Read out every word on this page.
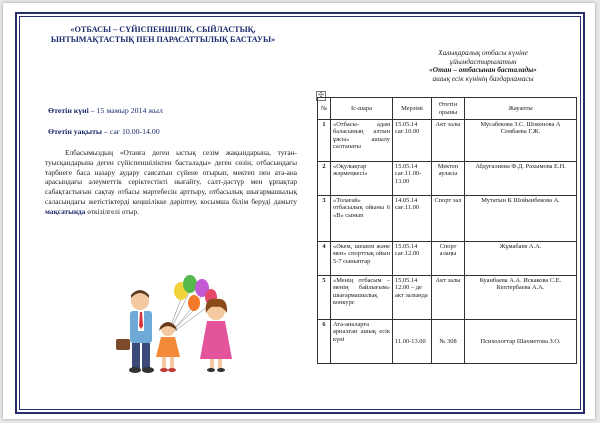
«ОТБАСЫ – СҮЙІСПЕНШІЛІК, СЫЙЛАСТЫҚ, ЫНТЫМАҚТАСТЫҚ ПЕН ПАРАСАТТЫЛЫҚ БАСТАУЫ»
Халықаралық отбасы күніне
ұйымдастырылатын
«Отан – отбасынан басталады»
ашық есік күнінің бағдарламасы
Өтетін күні – 15 мамыр 2014 жыл
Өтетін уақыты – сағ 10.00-14.00
Елбасымыздың «Отанға деген ыстық сезім жақындарына, туған- туысқандарына деген сүйіспеншіліктен басталады» деген сөзін, отбасындағы тәрбиеге баса назару аудару саясатын сүйене отырып, мектеп пен ата-ана арасындағы әлеуметтік серіктестікті нығайту, салт-дәстүр мен ұрпақтар сабақтастығын сақтау отбасы мәртебесін арттыру, отбасылық шығармашылық саласындағы жетістіктерді кеңшілікке дәріптеу, косымша білім беруді дамыту мақсатында өткізілгелі отыр.
✣
№	Іс-шара	Мерзімі	Өтетін орыны	Жауапты
1	«Отбасы- адам баласының алтын ұясы» ашылу салтанаты	15.05.14 сағ.10.00	Акт залы	Мусабекова З.С. Шокенова А Сембаева Г.Ж.
2	«Оқулықтар жәрмеңкесі»	15.05.14 сағ.11.00-13.00	Мектеп ауласы	Абдуғалиева Ф.Д. Рахымова Е.Н.
3	«Толағай» отбасылық ойыны 6 «В» сынып	14.05.14 сағ.11.00	Спорт зал	Мутатын К Шойынбекова А.
4	«Әкем, шешем және мен» спорттық ойын 5-7 сыныптар	15.05.14 сағ.12.00	Спорт алаңы	Жұмабаев А.А.
5	«Менің отбасым – менің байлығым» шығармашылық конкурс	15.05.14 12.00 – де акт залында	Акт залы	Куанбаева А.А. Искакова С.Е. Кептербаева А.А.
6	Ата-аналарға арналған ашық есік күні	11.00-13.00	№ 308	Психологтар Шахметова З.О.
